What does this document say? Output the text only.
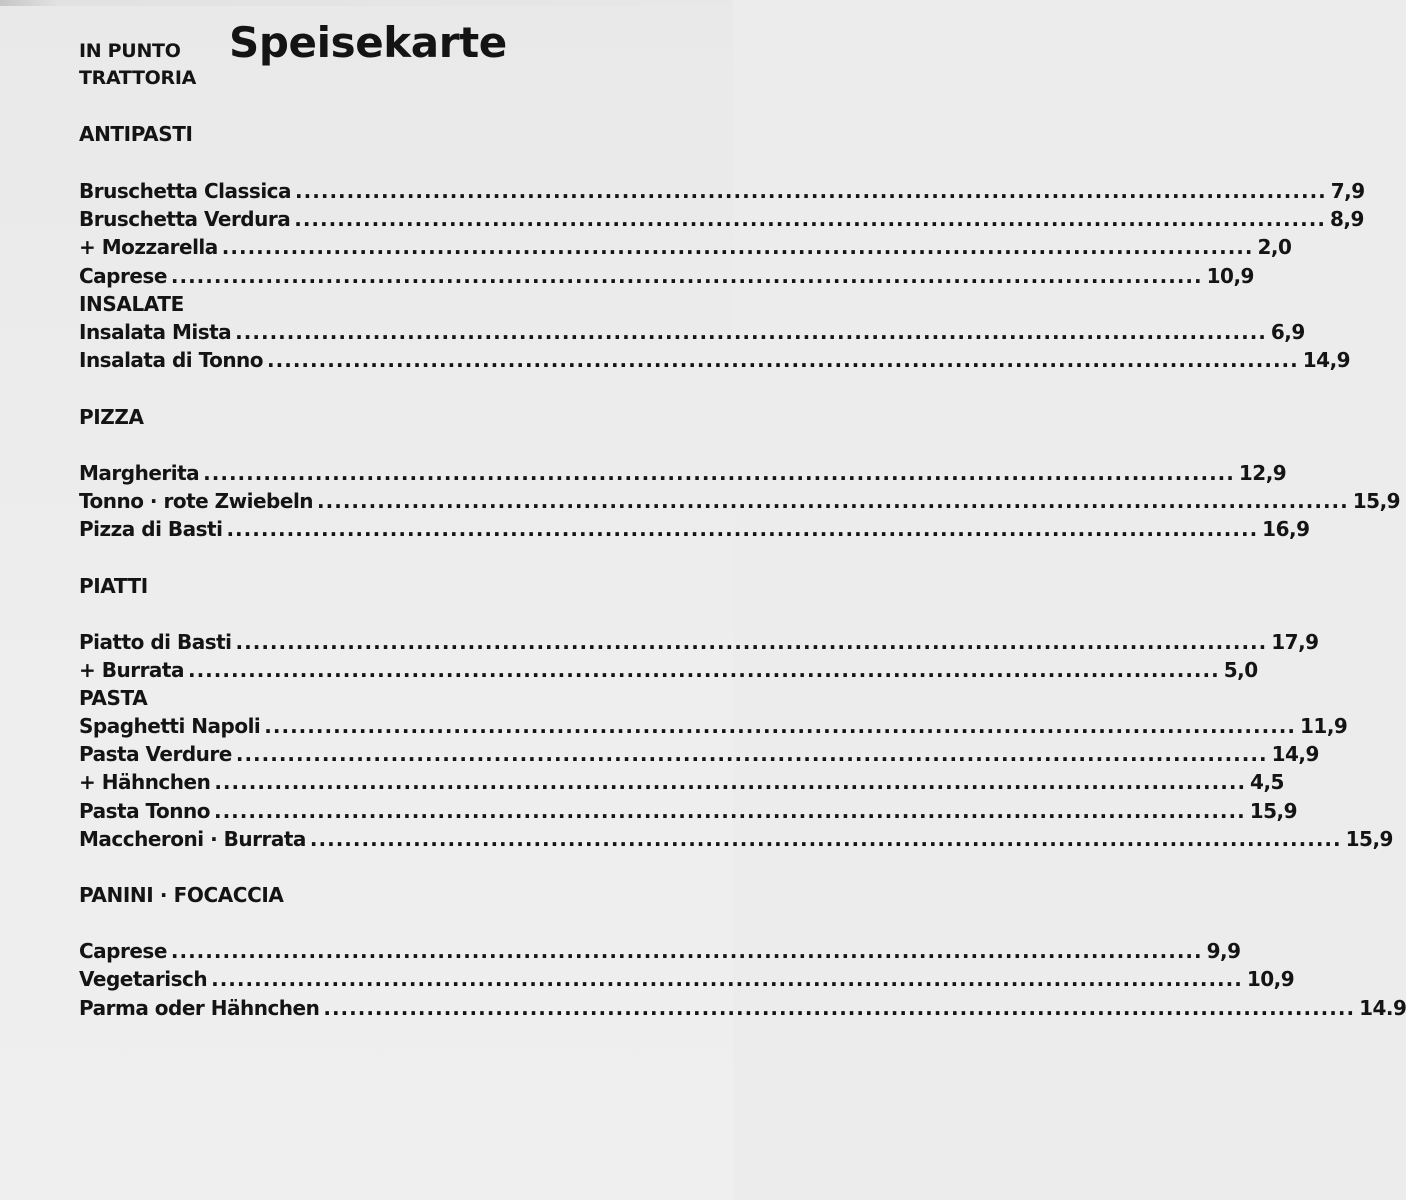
IN PUNTO
TRATTORIA
Speisekarte
ANTIPASTI
Bruschetta Classica ........................................................................................................................ 7,9
Bruschetta Verdura ........................................................................................................................ 8,9
+ Mozzarella ........................................................................................................................ 2,0
Caprese ........................................................................................................................ 10,9
INSALATE
Insalata Mista ........................................................................................................................ 6,9
Insalata di Tonno ........................................................................................................................ 14,9
PIZZA
Margherita ........................................................................................................................ 12,9
Tonno · rote Zwiebeln ........................................................................................................................ 15,9
Pizza di Basti ........................................................................................................................ 16,9
PIATTI
Piatto di Basti ........................................................................................................................ 17,9
+ Burrata ........................................................................................................................ 5,0
PASTA
Spaghetti Napoli ........................................................................................................................ 11,9
Pasta Verdure ........................................................................................................................ 14,9
+ Hähnchen ........................................................................................................................ 4,5
Pasta Tonno ........................................................................................................................ 15,9
Maccheroni · Burrata ........................................................................................................................ 15,9
PANINI · FOCACCIA
Caprese ........................................................................................................................ 9,9
Vegetarisch ........................................................................................................................ 10,9
Parma oder Hähnchen ........................................................................................................................ 14.9
